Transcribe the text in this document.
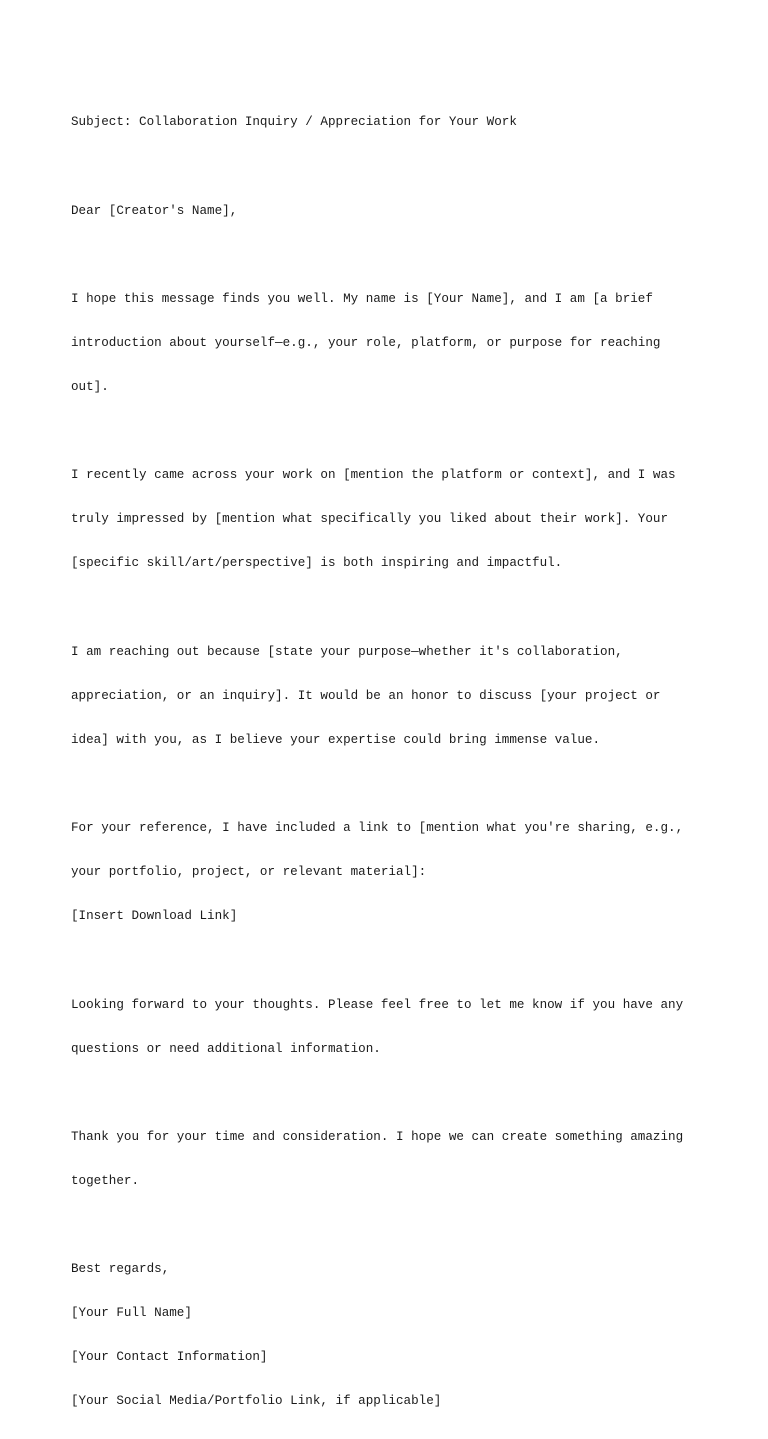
Subject: Collaboration Inquiry / Appreciation for Your Work

Dear [Creator's Name],

I hope this message finds you well. My name is [Your Name], and I am [a brief

introduction about yourself—e.g., your role, platform, or purpose for reaching

out].

I recently came across your work on [mention the platform or context], and I was

truly impressed by [mention what specifically you liked about their work]. Your

[specific skill/art/perspective] is both inspiring and impactful.

I am reaching out because [state your purpose—whether it's collaboration,

appreciation, or an inquiry]. It would be an honor to discuss [your project or

idea] with you, as I believe your expertise could bring immense value.

For your reference, I have included a link to [mention what you're sharing, e.g.,

your portfolio, project, or relevant material]:

[Insert Download Link]

Looking forward to your thoughts. Please feel free to let me know if you have any

questions or need additional information.

Thank you for your time and consideration. I hope we can create something amazing

together.

Best regards,

[Your Full Name]

[Your Contact Information]

[Your Social Media/Portfolio Link, if applicable]
